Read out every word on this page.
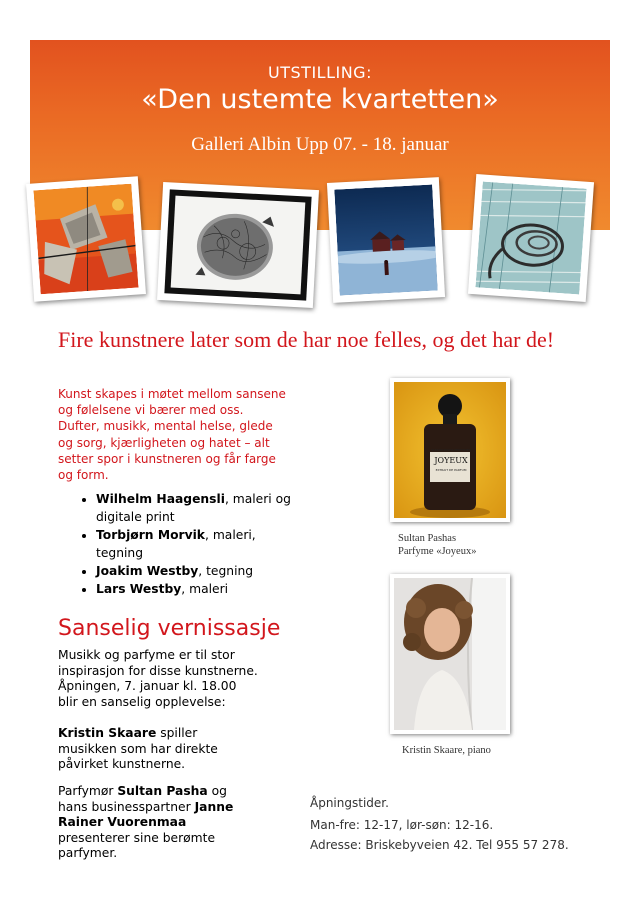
UTSTILLING:
«Den ustemte kvartetten»
Galleri Albin Upp 07. - 18. januar
Fire kunstnere later som de har noe felles, og det har de!
Kunst skapes i møtet mellom sansene og følelsene vi bærer med oss. Dufter, musikk, mental helse, glede og sorg, kjærligheten og hatet – alt setter spor i kunstneren og får farge og form.
• Wilhelm Haagensli, maleri og digitale print
• Torbjørn Morvik, maleri, tegning
• Joakim Westby, tegning
• Lars Westby, maleri
Sanselig vernissasje
Musikk og parfyme er til stor inspirasjon for disse kunstnerne. Åpningen, 7. januar kl. 18.00 blir en sanselig opplevelse:
Kristin Skaare spiller musikken som har direkte påvirket kunstnerne.
Parfymør Sultan Pasha og hans businesspartner Janne Rainer Vuorenmaa presenterer sine berømte parfymer.
SULTAN PASHA PERFUMES
JOYEUX
EXTRAIT DE PARFUM
Sultan Pashas
Parfyme «Joyeux»
Kristin Skaare, piano
Åpningstider.
Man-fre: 12-17, lør-søn: 12-16.
Adresse: Briskebyveien 42. Tel 955 57 278.
